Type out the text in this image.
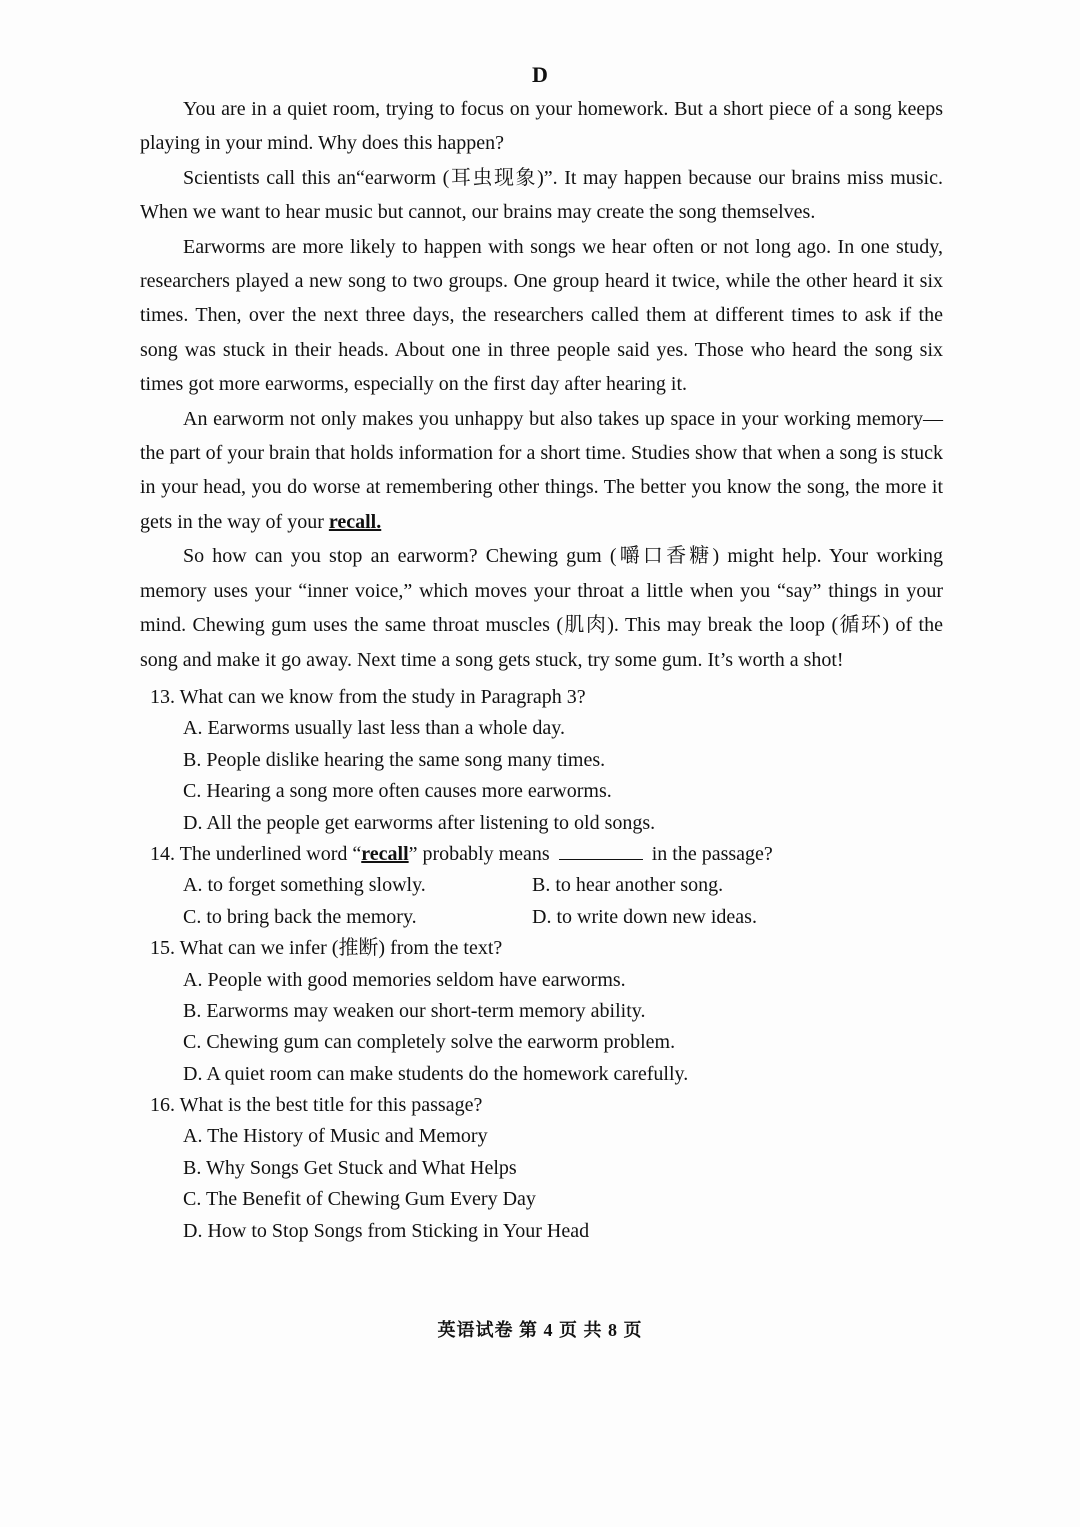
D

You are in a quiet room, trying to focus on your homework. But a short piece of a song keeps playing in your mind. Why does this happen?

Scientists call this an“earworm (耳虫现象)”. It may happen because our brains miss music. When we want to hear music but cannot, our brains may create the song themselves.

Earworms are more likely to happen with songs we hear often or not long ago. In one study, researchers played a new song to two groups. One group heard it twice, while the other heard it six times. Then, over the next three days, the researchers called them at different times to ask if the song was stuck in their heads. About one in three people said yes. Those who heard the song six times got more earworms, especially on the first day after hearing it.

An earworm not only makes you unhappy but also takes up space in your working memory—the part of your brain that holds information for a short time. Studies show that when a song is stuck in your head, you do worse at remembering other things. The better you know the song, the more it gets in the way of your recall.

So how can you stop an earworm? Chewing gum (嚼口香糖) might help. Your working memory uses your “inner voice,” which moves your throat a little when you “say” things in your mind. Chewing gum uses the same throat muscles (肌肉). This may break the loop (循环) of the song and make it go away. Next time a song gets stuck, try some gum. It’s worth a shot!

13. What can we know from the study in Paragraph 3?
A. Earworms usually last less than a whole day.
B. People dislike hearing the same song many times.
C. Hearing a song more often causes more earworms.
D. All the people get earworms after listening to old songs.
14. The underlined word “recall” probably means	in the passage?
A. to forget something slowly.	B. to hear another song.
C. to bring back the memory.	D. to write down new ideas.
15. What can we infer (推断) from the text?
A. People with good memories seldom have earworms.
B. Earworms may weaken our short-term memory ability.
C. Chewing gum can completely solve the earworm problem.
D. A quiet room can make students do the homework carefully.
16. What is the best title for this passage?
A. The History of Music and Memory
B. Why Songs Get Stuck and What Helps
C. The Benefit of Chewing Gum Every Day
D. How to Stop Songs from Sticking in Your Head
英语试卷 第 4 页 共 8 页
